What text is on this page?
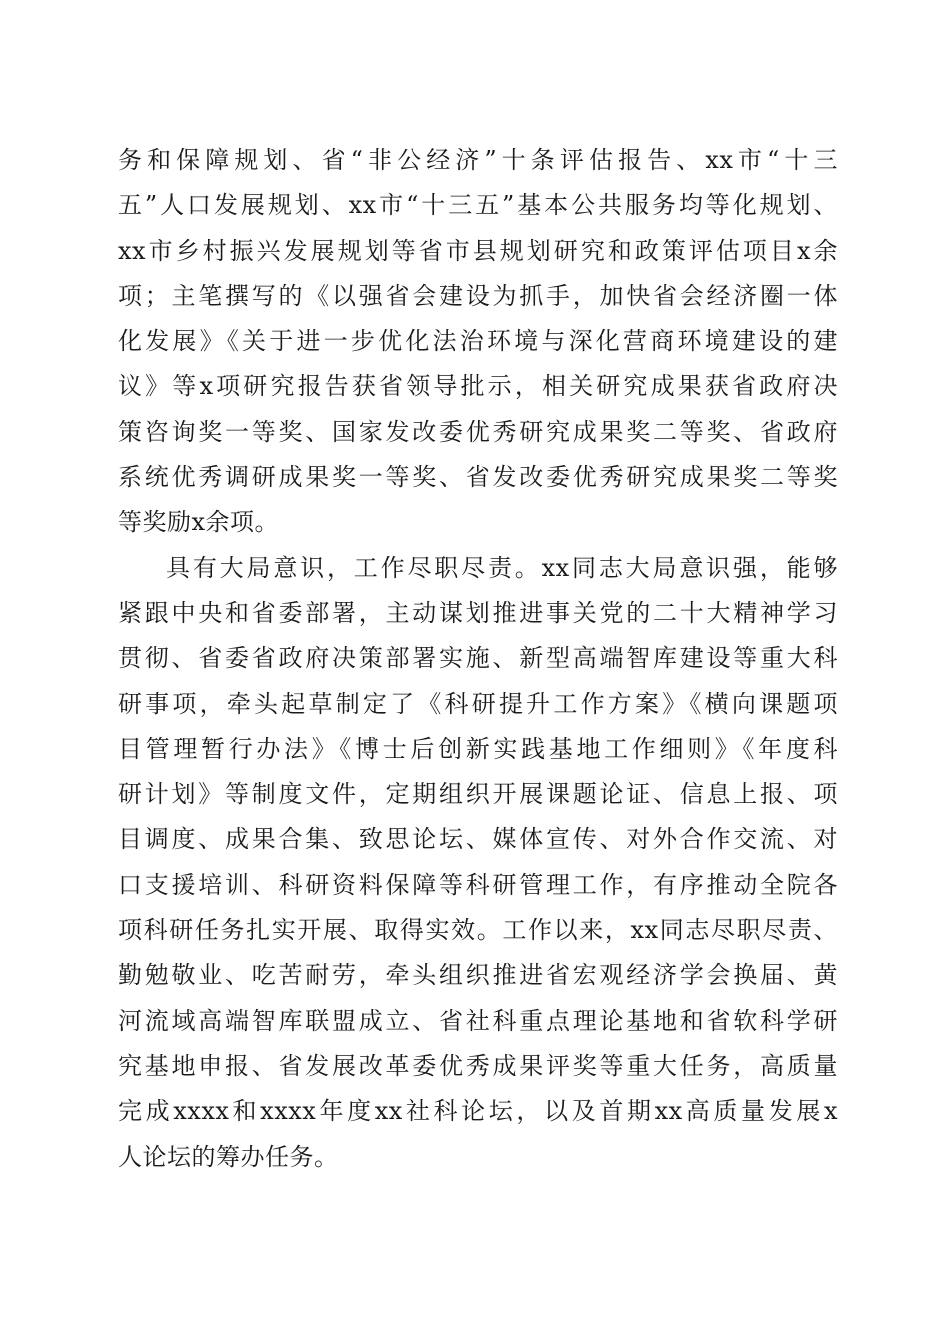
务和保障规划、省“非公经济”十条评估报告、xx市“十三
五”人口发展规划、xx市“十三五”基本公共服务均等化规划、
xx市乡村振兴发展规划等省市县规划研究和政策评估项目x余
项；主笔撰写的《以强省会建设为抓手，加快省会经济圈一体
化发展》《关于进一步优化法治环境与深化营商环境建设的建
议》等x项研究报告获省领导批示，相关研究成果获省政府决
策咨询奖一等奖、国家发改委优秀研究成果奖二等奖、省政府
系统优秀调研成果奖一等奖、省发改委优秀研究成果奖二等奖
等奖励x余项。
具有大局意识，工作尽职尽责。xx同志大局意识强，能够
紧跟中央和省委部署，主动谋划推进事关党的二十大精神学习
贯彻、省委省政府决策部署实施、新型高端智库建设等重大科
研事项，牵头起草制定了《科研提升工作方案》《横向课题项
目管理暂行办法》《博士后创新实践基地工作细则》《年度科
研计划》等制度文件，定期组织开展课题论证、信息上报、项
目调度、成果合集、致思论坛、媒体宣传、对外合作交流、对
口支援培训、科研资料保障等科研管理工作，有序推动全院各
项科研任务扎实开展、取得实效。工作以来，xx同志尽职尽责、
勤勉敬业、吃苦耐劳，牵头组织推进省宏观经济学会换届、黄
河流域高端智库联盟成立、省社科重点理论基地和省软科学研
究基地申报、省发展改革委优秀成果评奖等重大任务，高质量
完成xxxx和xxxx年度xx社科论坛，以及首期xx高质量发展x
人论坛的筹办任务。
